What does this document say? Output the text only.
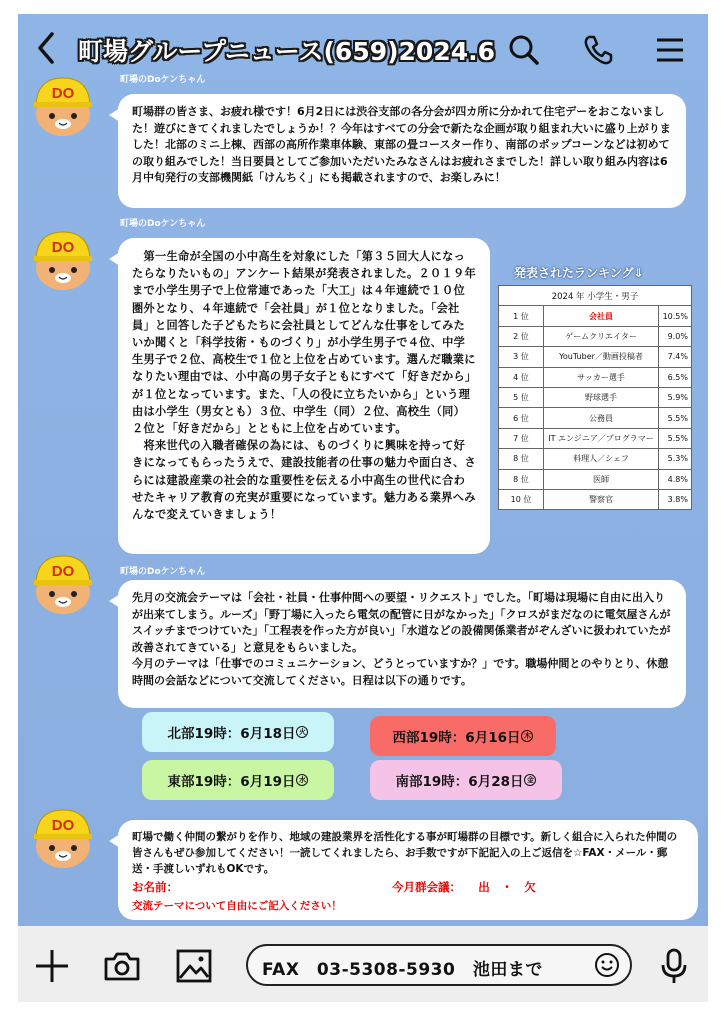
町場グループニュース(659)2024.6
町場のDoケンちゃん
DO
町場群の皆さま、お疲れ様です！6月2日には渋谷支部の各分会が四カ所に分かれて住宅デーをおこないました！遊びにきてくれましたでしょうか！？今年はすべての分会で新たな企画が取り組まれ大いに盛り上がりました！北部のミニ上棟、西部の高所作業車体験、東部の畳コースター作り、南部のポップコーンなどは初めての取り組みでした！当日要員としてご参加いただいたみなさんはお疲れさまでした！詳しい取り組み内容は6月中旬発行の支部機関紙「けんちく」にも掲載されますので、お楽しみに！
町場のDoケンちゃん
DO
　第一生命が全国の小中高生を対象にした「第３５回大人になったらなりたいもの」アンケート結果が発表されました。２０１９年まで小学生男子で上位常連であった「大工」は４年連続で１０位圏外となり、４年連続で「会社員」が１位となりました。「会社員」と回答した子どもたちに会社員としてどんな仕事をしてみたいか聞くと「科学技術・ものづくり」が小学生男子で４位、中学生男子で２位、高校生で１位と上位を占めています。選んだ職業になりたい理由では、小中高の男子女子ともにすべて「好きだから」が１位となっています。また、「人の役に立ちたいから」という理由は小学生（男女とも）３位、中学生（同）２位、高校生（同）２位と「好きだから」とともに上位を占めています。
　将来世代の入職者確保の為には、ものづくりに興味を持って好きになってもらったうえで、建設技能者の仕事の魅力や面白さ、さらには建設産業の社会的な重要性を伝える小中高生の世代に合わせたキャリア教育の充実が重要になっています。魅力ある業界へみんなで変えていきましょう！
発表されたランキング⇓
2024 年 小学生・男子		
1 位	会社員	10.5%
2 位	ゲームクリエイター	9.0%
3 位	YouTuber／動画投稿者	7.4%
4 位	サッカー選手	6.5%
5 位	野球選手	5.9%
6 位	公務員	5.5%
7 位	IT エンジニア／プログラマー	5.5%
8 位	料理人／シェフ	5.3%
8 位	医師	4.8%
10 位	警察官	3.8%
町場のDoケンちゃん
DO
先月の交流会テーマは「会社・社員・仕事仲間への要望・リクエスト」でした。「町場は現場に自由に出入りが出来てしまう。ルーズ」「野丁場に入ったら電気の配管に日がなかった」「クロスがまだなのに電気屋さんがスイッチまでつけていた」「工程表を作った方が良い」「水道などの設備関係業者がぞんざいに扱われていたが改善されてきている」と意見をもらいました。
今月のテーマは「仕事でのコミュニケーション、どうとっていますか？」です。職場仲間とのやりとり、休憩時間の会話などについて交流してください。日程は以下の通りです。
北部19時：6月18日 火	西部19時：6月16日 木
東部19時：6月19日 水	南部19時：6月28日 金
DO
町場で働く仲間の繋がりを作り、地域の建設業界を活性化する事が町場群の目標です。新しく組合に入られた仲間の皆さんもぜひ参加してください！一読してくれましたら、お手数ですが下記記入の上ご返信を☆FAX・メール・郵送・手渡しいずれもOKです。
お名前：	今月群会議：　　出　・　欠
交流テーマについて自由にご記入ください！
FAX　03-5308-5930　池田まで
